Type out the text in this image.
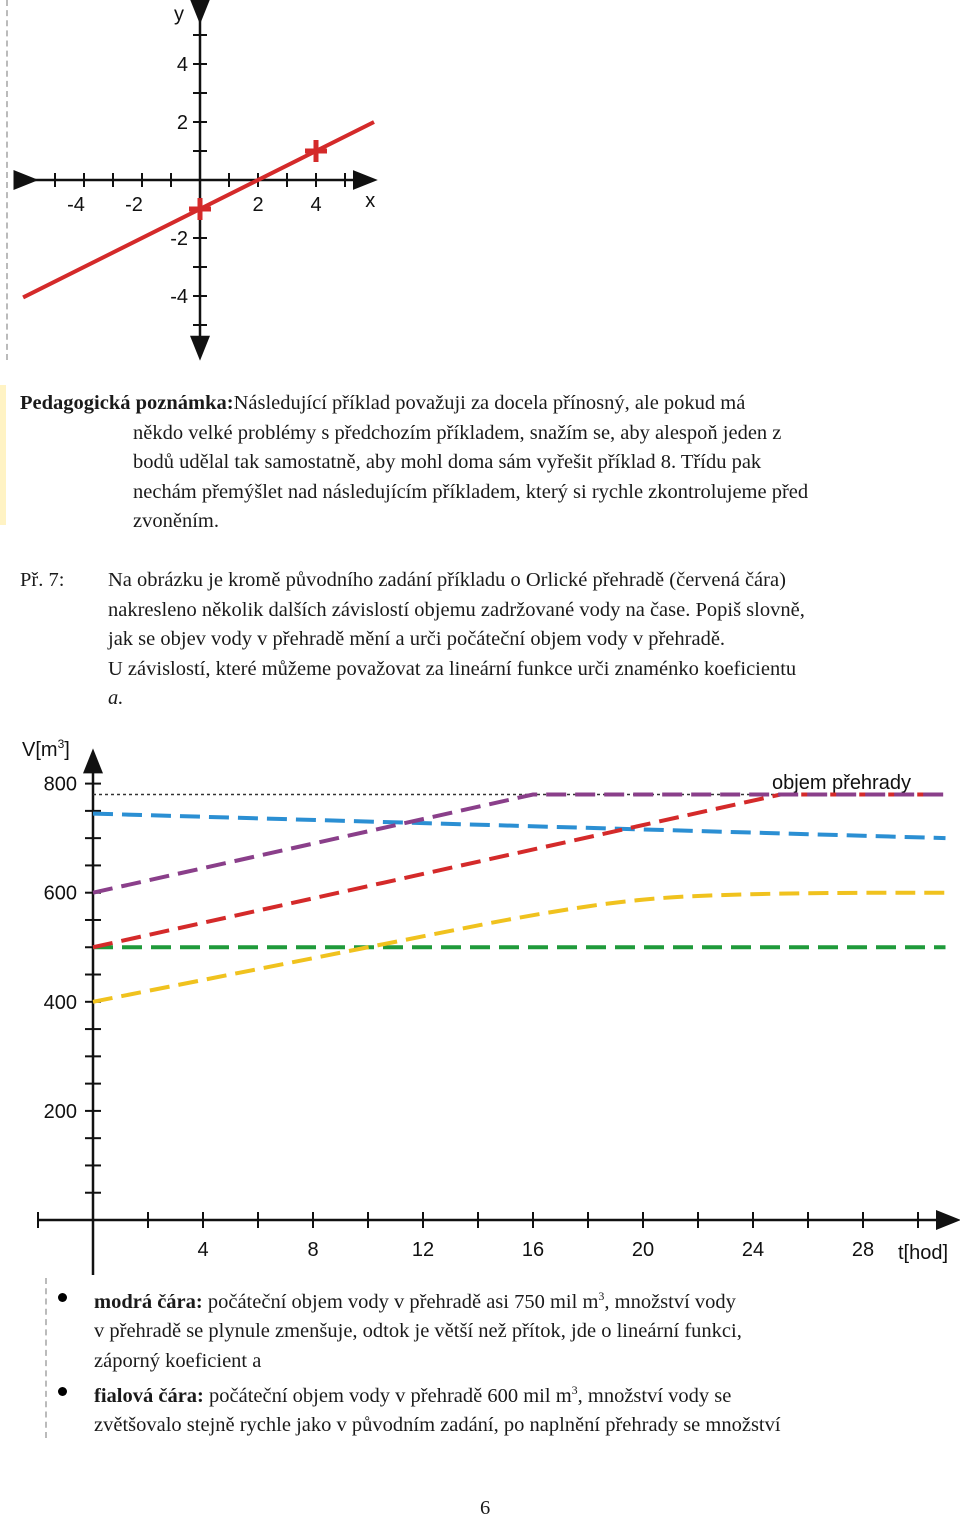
-4 -2	2 4
4
2
-2
-4
x
y
Pedagogická poznámka:Následující příklad považuji za docela přínosný, ale pokud má
někdo velké problémy s předchozím příkladem, snažím se, aby alespoň jeden z
bodů udělal tak samostatně, aby mohl doma sám vyřešit příklad 8. Třídu pak
nechám přemýšlet nad následujícím příkladem, který si rychle zkontrolujeme před
zvoněním.
Př. 7: Na obrázku je kromě původního zadání příkladu o Orlické přehradě (červená čára)
nakresleno několik dalších závislostí objemu zadržované vody na čase. Popiš slovně,
jak se objev vody v přehradě mění a urči počáteční objem vody v přehradě.
U závislostí, které můžeme považovat za lineární funkce urči znaménko koeficientu
a.
$V[m^3]$
t[hod]
objem přehrady
4	8	12	16	20	24	28
800
600
400
200
modrá čára: počáteční objem vody v přehradě asi 750 mil $m^3$, množství vody
v přehradě se plynule zmenšuje, odtok je větší než přítok, jde o lineární funkci,
záporný koeficient a
fialová čára: počáteční objem vody v přehradě 600 mil $m^3$, množství vody se
zvětšovalo stejně rychle jako v původním zadání, po naplnění přehrady se množství
6
